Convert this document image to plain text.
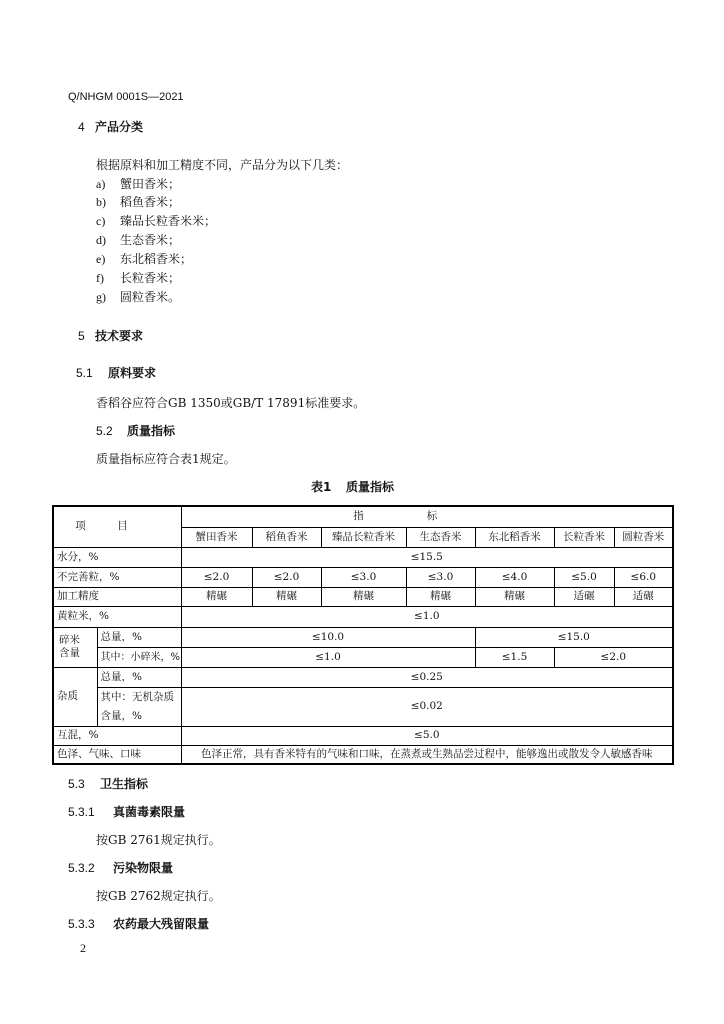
Q/NHGM 0001S—2021
4 产品分类
根据原料和加工精度不同，产品分为以下几类：
a) 蟹田香米；
b) 稻鱼香米；
c) 臻品长粒香米米；
d) 生态香米；
e) 东北稻香米；
f) 长粒香米；
g) 圆粒香米。
5 技术要求
5.1 原料要求
香稻谷应符合GB 1350或GB/T 17891标准要求。
5.2 质量指标
质量指标应符合表1规定。
表1 质量指标
项目		指标						
		蟹田香米	稻鱼香米	臻品长粒香米	生态香米	东北稻香米	长粒香米	圆粒香米
水分，%		≤15.5						
不完善粒，%		≤2.0	≤2.0	≤3.0	≤3.0	≤4.0	≤5.0	≤6.0
加工精度		精碾	精碾	精碾	精碾	精碾	适碾	适碾
黄粒米，%		≤1.0						

碎米
含量	总量，%	≤10.0				≤15.0		
	其中：小碎米，%	≤1.0				≤1.5	≤2.0	
杂质	总量，%	≤0.25						

	其中：无机杂质
含量，%	≤0.02						
互混，%		≤5.0						
色泽、气味、口味		色泽正常，具有香米特有的气味和口味，在蒸煮或生熟品尝过程中，能够逸出或散发令人敏感香味						
5.3 卫生指标
5.3.1 真菌毒素限量
按GB 2761规定执行。
5.3.2 污染物限量
按GB 2762规定执行。
5.3.3 农药最大残留限量
2
